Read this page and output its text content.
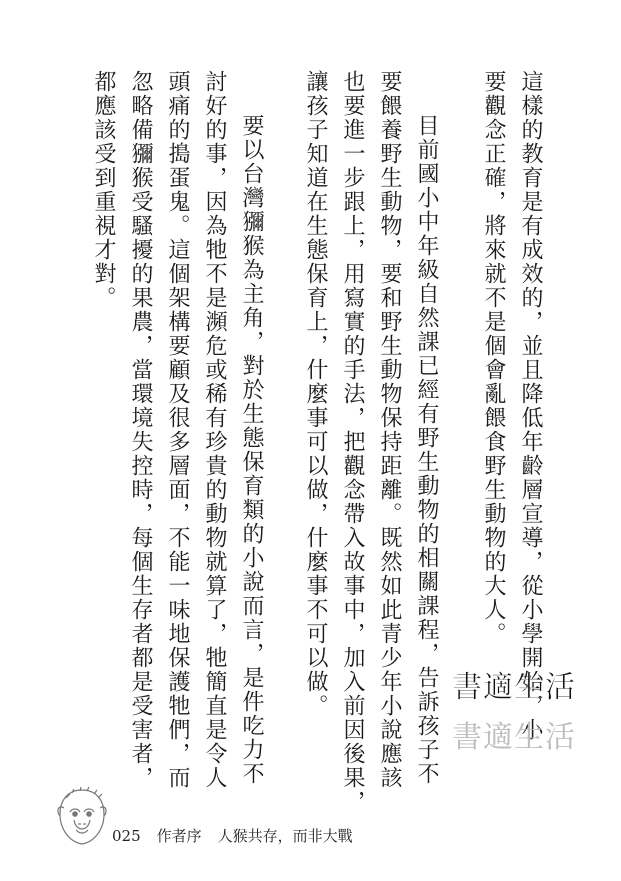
這樣的教育是有成效的，並且降低年齡層宣導，從小學開始，小
要觀念正確，將來就不是個會亂餵食野生動物的大人。
目前國小中年級自然課已經有野生動物的相關課程，告訴孩子不
要餵養野生動物，要和野生動物保持距離。既然如此青少年小說應該
也要進一步跟上，用寫實的手法，把觀念帶入故事中，加入前因後果，
讓孩子知道在生態保育上，什麼事可以做，什麼事不可以做。
要以台灣獼猴為主角，對於生態保育類的小說而言，是件吃力不
討好的事，因為牠不是瀕危或稀有珍貴的動物就算了，牠簡直是令人
頭痛的搗蛋鬼。這個架構要顧及很多層面，不能一味地保護牠們，而
忽略備獼猴受騷擾的果農，當環境失控時，每個生存者都是受害者，
都應該受到重視才對。
書適生活
書適生活
025 作者序 人猴共存，而非大戰
